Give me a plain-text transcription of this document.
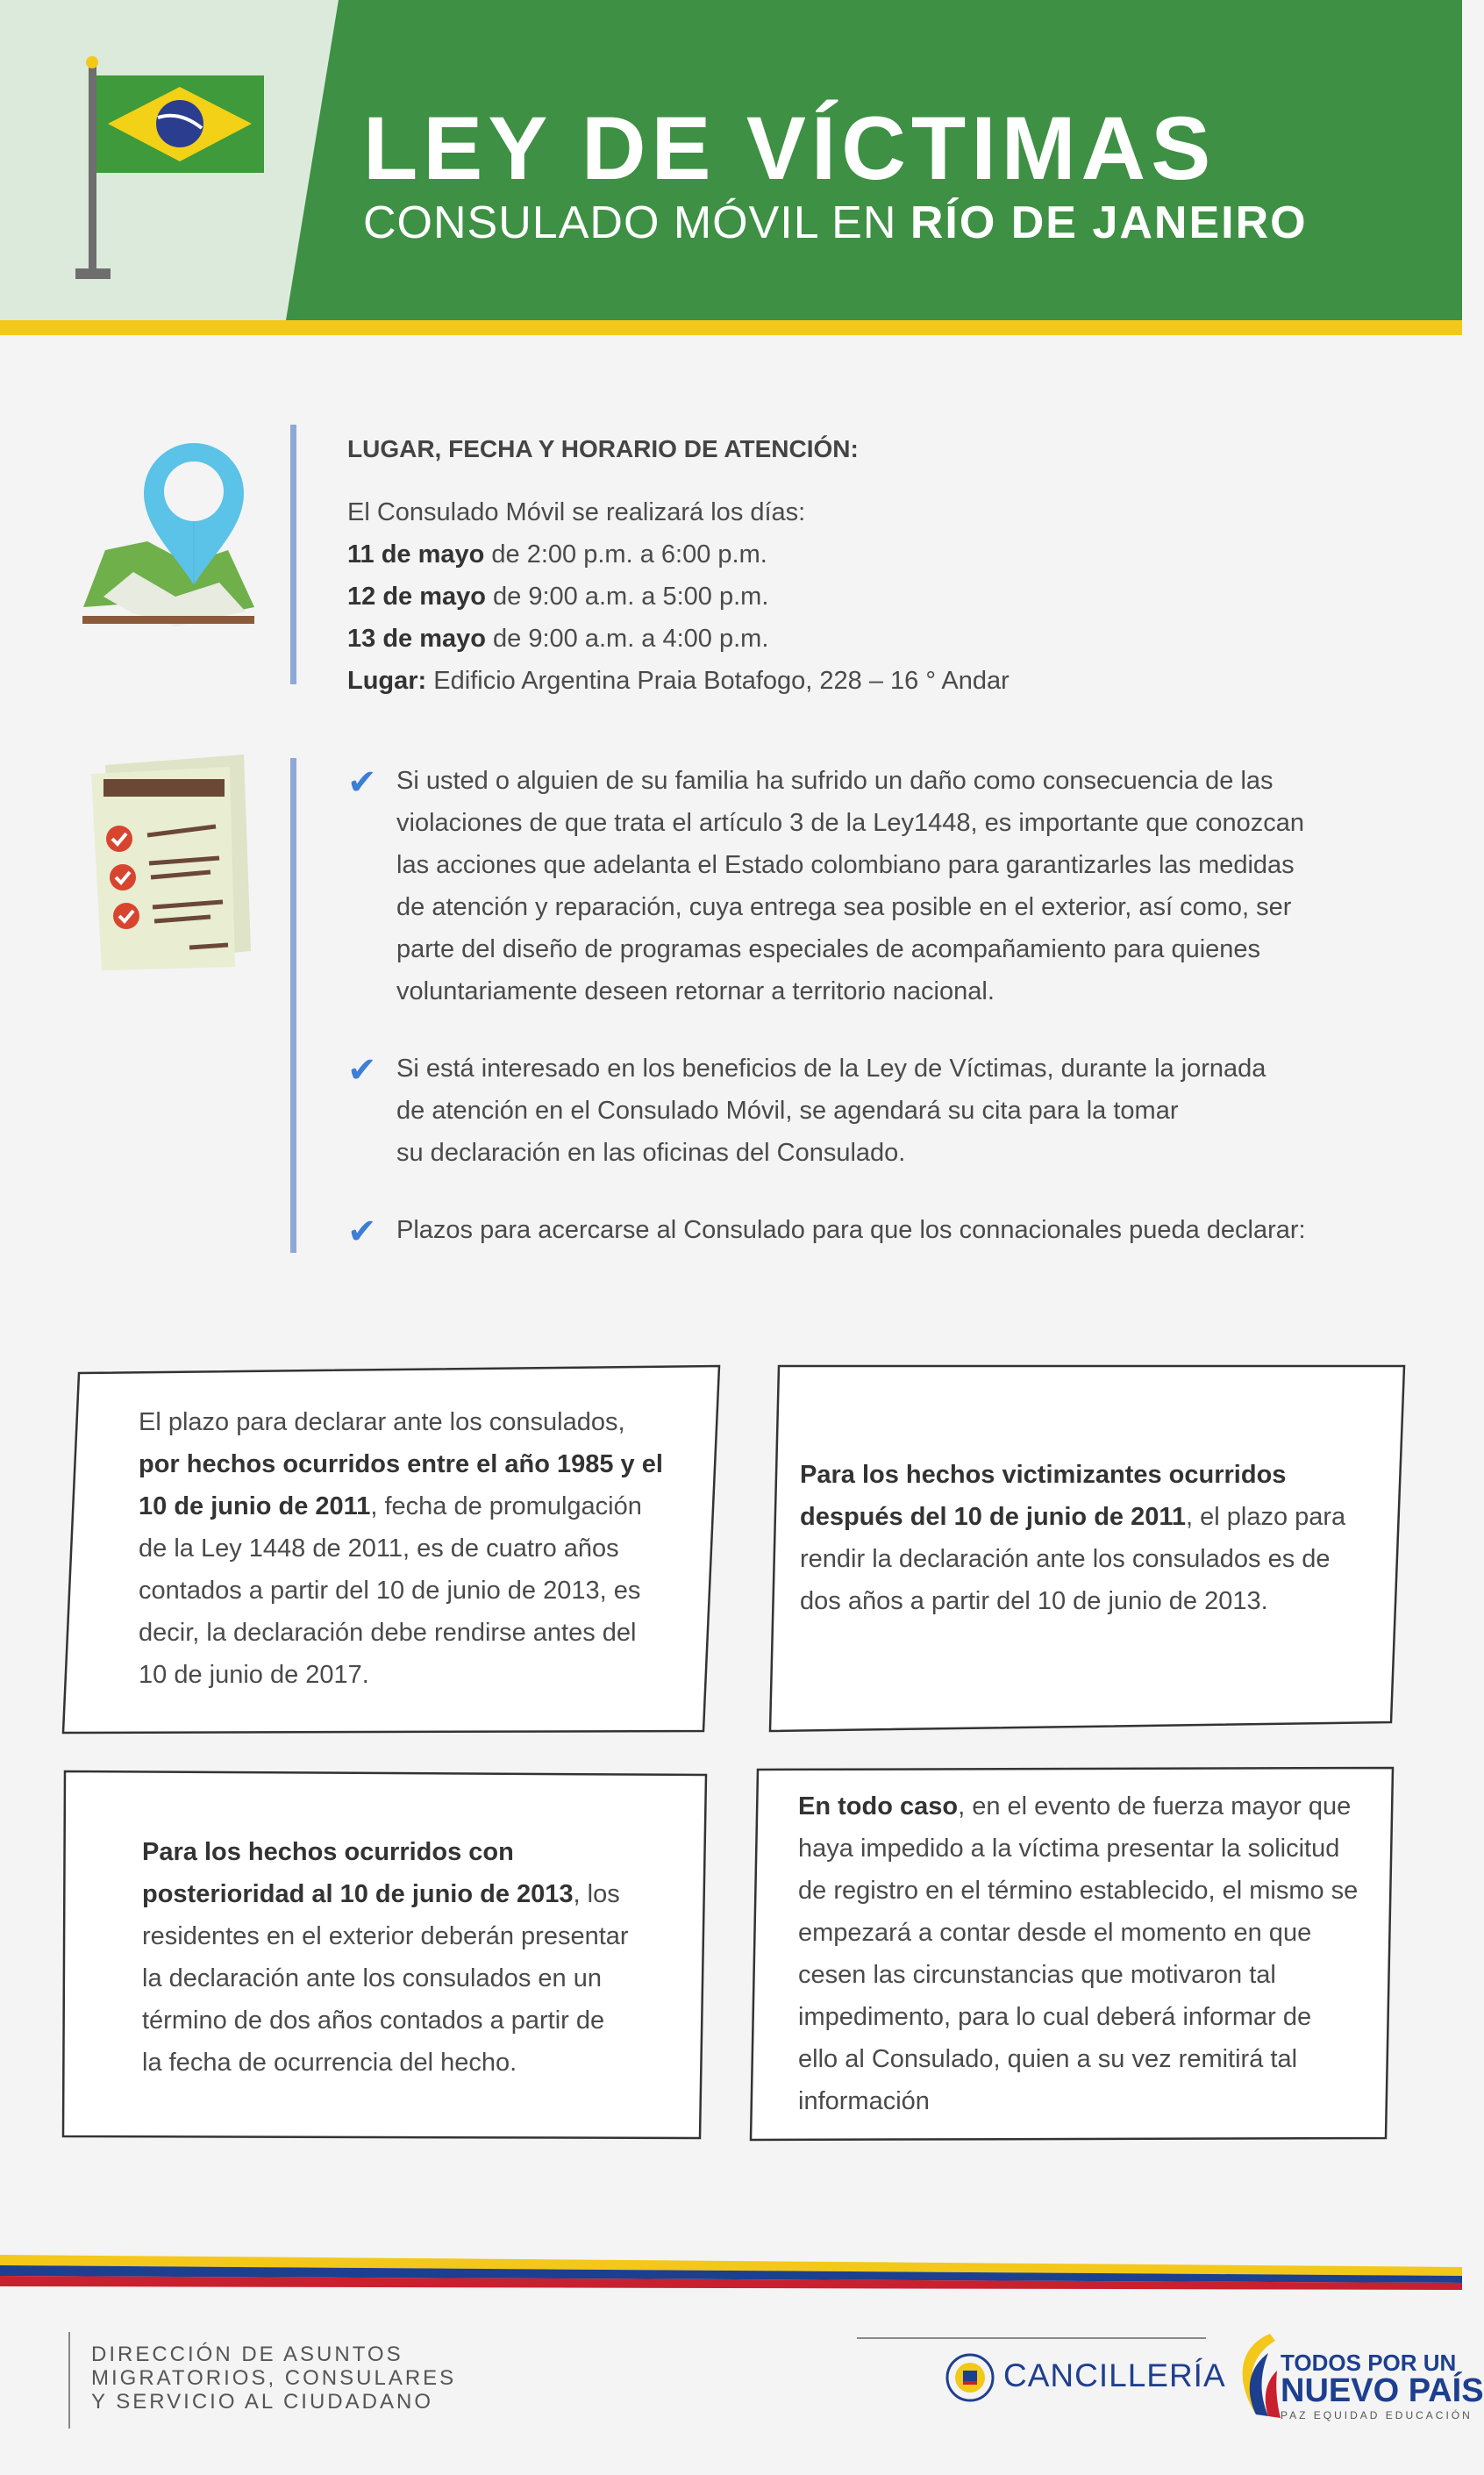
LEY DE VÍCTIMAS
CONSULADO MÓVIL EN RÍO DE JANEIRO
LUGAR, FECHA Y HORARIO DE ATENCIÓN:
El Consulado Móvil se realizará los días:
11 de mayo de 2:00 p.m. a 6:00 p.m.
12 de mayo de 9:00 a.m. a 5:00 p.m.
13 de mayo de 9:00 a.m. a 4:00 p.m.
Lugar: Edificio Argentina Praia Botafogo, 228 – 16 ° Andar
✔ Si usted o alguien de su familia ha sufrido un daño como consecuencia de las
violaciones de que trata el artículo 3 de la Ley1448, es importante que conozcan
las acciones que adelanta el Estado colombiano para garantizarles las medidas
de atención y reparación, cuya entrega sea posible en el exterior, así como, ser
parte del diseño de programas especiales de acompañamiento para quienes
voluntariamente deseen retornar a territorio nacional.
✔ Si está interesado en los beneficios de la Ley de Víctimas, durante la jornada
de atención en el Consulado Móvil, se agendará su cita para la tomar
su declaración en las oficinas del Consulado.
✔ Plazos para acercarse al Consulado para que los connacionales pueda declarar:
El plazo para declarar ante los consulados,
por hechos ocurridos entre el año 1985 y el
10 de junio de 2011, fecha de promulgación
de la Ley 1448 de 2011, es de cuatro años
contados a partir del 10 de junio de 2013, es
decir, la declaración debe rendirse antes del
10 de junio de 2017.
Para los hechos victimizantes ocurridos
después del 10 de junio de 2011, el plazo para
rendir la declaración ante los consulados es de
dos años a partir del 10 de junio de 2013.
Para los hechos ocurridos con
posterioridad al 10 de junio de 2013, los
residentes en el exterior deberán presentar
la declaración ante los consulados en un
término de dos años contados a partir de
la fecha de ocurrencia del hecho.
En todo caso, en el evento de fuerza mayor que
haya impedido a la víctima presentar la solicitud
de registro en el término establecido, el mismo se
empezará a contar desde el momento en que
cesen las circunstancias que motivaron tal
impedimento, para lo cual deberá informar de
ello al Consulado, quien a su vez remitirá tal
información
DIRECCIÓN DE ASUNTOS
MIGRATORIOS, CONSULARES
Y SERVICIO AL CIUDADANO
CANCILLERÍA TODOS POR UN
NUEVO PAÍS
PAZ EQUIDAD EDUCACIÓN
